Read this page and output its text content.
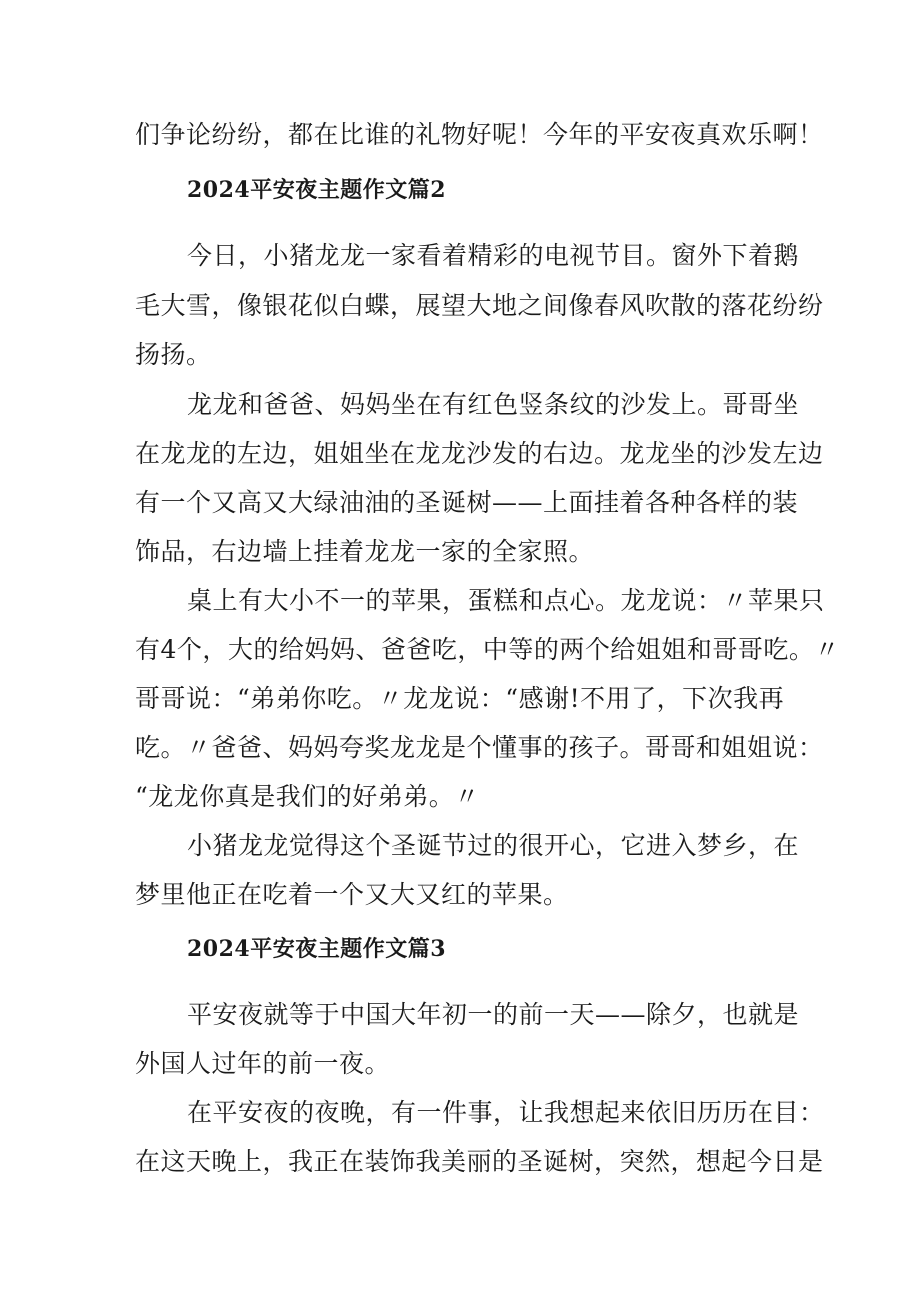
们争论纷纷，都在比谁的礼物好呢！今年的平安夜真欢乐啊！
2024平安夜主题作文篇2
今日，小猪龙龙一家看着精彩的电视节目。窗外下着鹅
毛大雪，像银花似白蝶，展望大地之间像春风吹散的落花纷纷
扬扬。
龙龙和爸爸、妈妈坐在有红色竖条纹的沙发上。哥哥坐
在龙龙的左边，姐姐坐在龙龙沙发的右边。龙龙坐的沙发左边
有一个又高又大绿油油的圣诞树——上面挂着各种各样的装
饰品，右边墙上挂着龙龙一家的全家照。
桌上有大小不一的苹果，蛋糕和点心。龙龙说：〃苹果只
有4个，大的给妈妈、爸爸吃，中等的两个给姐姐和哥哥吃。〃
哥哥说：“弟弟你吃。〃龙龙说：“感谢!不用了，下次我再
吃。〃爸爸、妈妈夸奖龙龙是个懂事的孩子。哥哥和姐姐说：
“龙龙你真是我们的好弟弟。〃
小猪龙龙觉得这个圣诞节过的很开心，它进入梦乡，在
梦里他正在吃着一个又大又红的苹果。
2024平安夜主题作文篇3
平安夜就等于中国大年初一的前一天——除夕，也就是
外国人过年的前一夜。
在平安夜的夜晚，有一件事，让我想起来依旧历历在目：
在这天晚上，我正在装饰我美丽的圣诞树，突然，想起今日是
